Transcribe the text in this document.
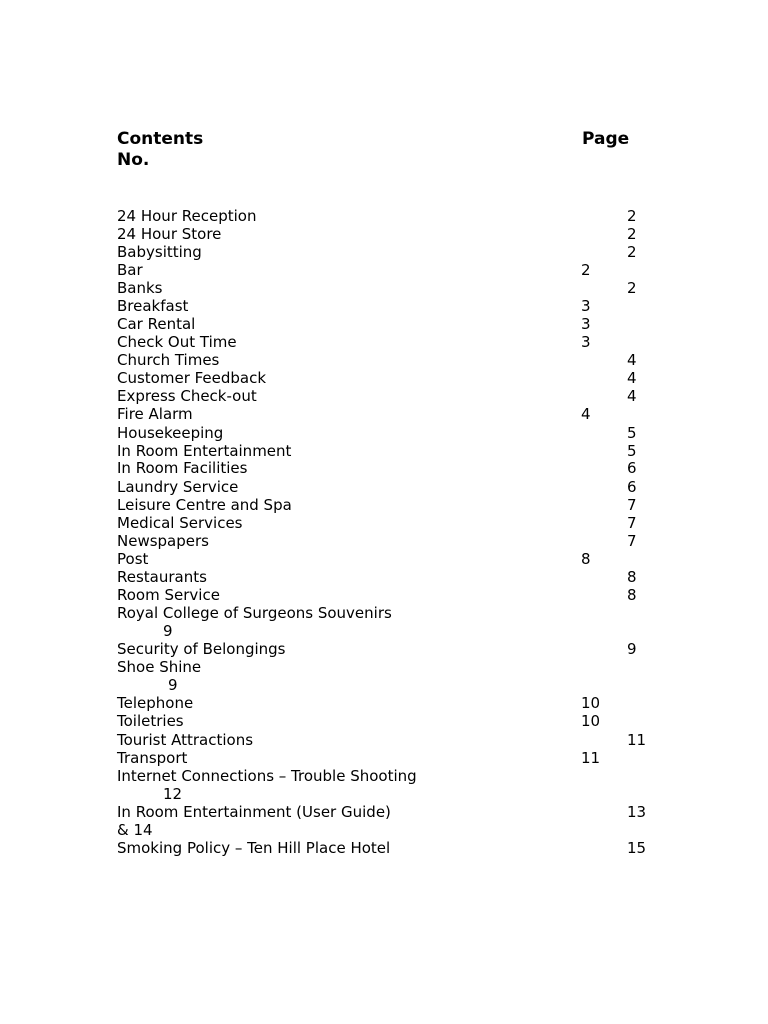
Contents	Page
No.
24 Hour Reception	2
24 Hour Store	2
Babysitting	2
Bar	2
Banks	2
Breakfast	3
Car Rental	3
Check Out Time	3
Church Times	4
Customer Feedback	4
Express Check-out	4
Fire Alarm	4
Housekeeping	5
In Room Entertainment	5
In Room Facilities	6
Laundry Service	6
Leisure Centre and Spa	7
Medical Services	7
Newspapers	7
Post	8
Restaurants	8
Room Service	8
Royal College of Surgeons Souvenirs
9
Security of Belongings	9
Shoe Shine
9
Telephone	10
Toiletries	10
Tourist Attractions	11
Transport	11
Internet Connections – Trouble Shooting
12
In Room Entertainment (User Guide)	13
& 14
Smoking Policy – Ten Hill Place Hotel	15
